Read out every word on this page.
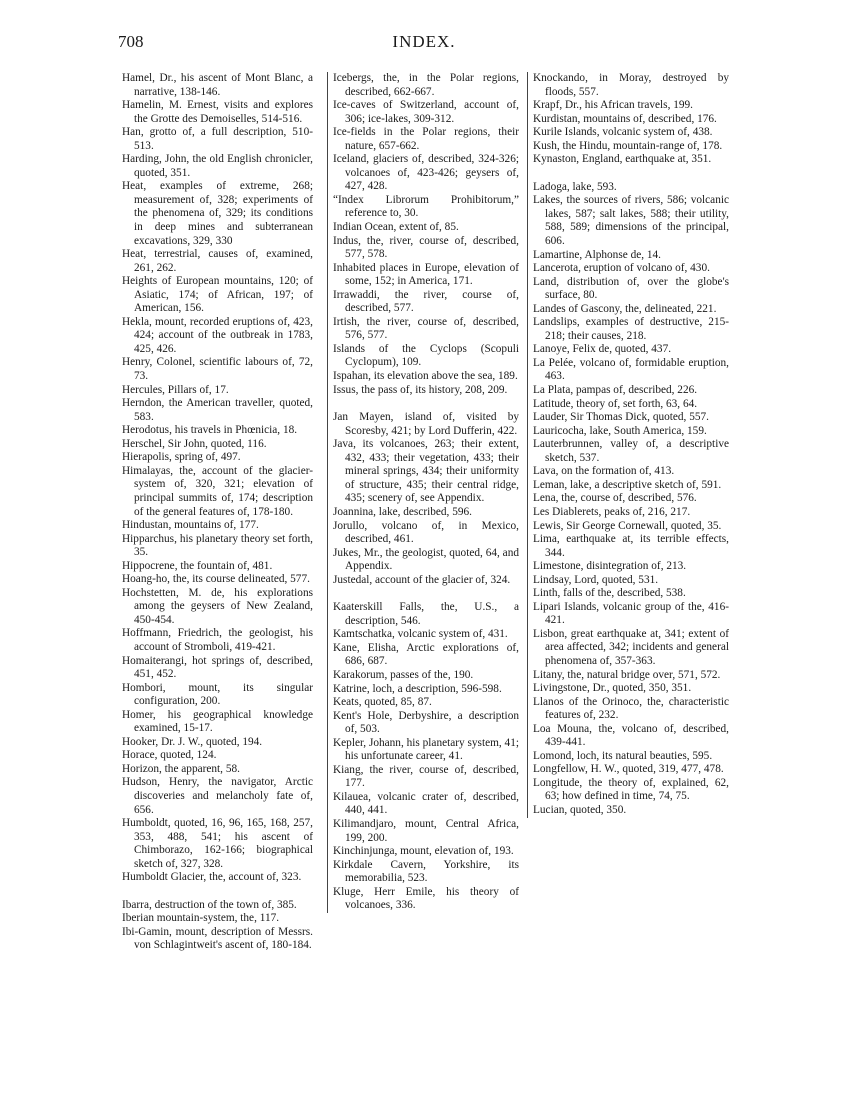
708	INDEX.

Hamel, Dr., his ascent of Mont Blanc, a narrative, 138-146.

Hamelin, M. Ernest, visits and explores the Grotte des Demoiselles, 514-516.

Han, grotto of, a full description, 510-513.

Harding, John, the old English chronicler, quoted, 351.

Heat, examples of extreme, 268; measurement of, 328; experiments of the phenomena of, 329; its conditions in deep mines and subterranean excavations, 329, 330

Heat, terrestrial, causes of, examined, 261, 262.

Heights of European mountains, 120; of Asiatic, 174; of African, 197; of American, 156.

Hekla, mount, recorded eruptions of, 423, 424; account of the outbreak in 1783, 425, 426.

Henry, Colonel, scientific labours of, 72, 73.

Hercules, Pillars of, 17.

Herndon, the American traveller, quoted, 583.

Herodotus, his travels in Phœnicia, 18.

Herschel, Sir John, quoted, 116.

Hierapolis, spring of, 497.

Himalayas, the, account of the glacier-system of, 320, 321; elevation of principal summits of, 174; description of the general features of, 178-180.

Hindustan, mountains of, 177.

Hipparchus, his planetary theory set forth, 35.

Hippocrene, the fountain of, 481.

Hoang-ho, the, its course delineated, 577.

Hochstetten, M. de, his explorations among the geysers of New Zealand, 450-454.

Hoffmann, Friedrich, the geologist, his account of Stromboli, 419-421.

Homaiterangi, hot springs of, described, 451, 452.

Hombori, mount, its singular configuration, 200.

Homer, his geographical knowledge examined, 15-17.

Hooker, Dr. J. W., quoted, 194.

Horace, quoted, 124.

Horizon, the apparent, 58.

Hudson, Henry, the navigator, Arctic discoveries and melancholy fate of, 656.

Humboldt, quoted, 16, 96, 165, 168, 257, 353, 488, 541; his ascent of Chimborazo, 162-166; biographical sketch of, 327, 328.

Humboldt Glacier, the, account of, 323.

Ibarra, destruction of the town of, 385.

Iberian mountain-system, the, 117.

Ibi-Gamin, mount, description of Messrs. von Schlagintweit's ascent of, 180-184.

Icebergs, the, in the Polar regions, described, 662-667.

Ice-caves of Switzerland, account of, 306; ice-lakes, 309-312.

Ice-fields in the Polar regions, their nature, 657-662.

Iceland, glaciers of, described, 324-326; volcanoes of, 423-426; geysers of, 427, 428.

“Index Librorum Prohibitorum,” reference to, 30.

Indian Ocean, extent of, 85.

Indus, the, river, course of, described, 577, 578.

Inhabited places in Europe, elevation of some, 152; in America, 171.

Irrawaddi, the river, course of, described, 577.

Irtish, the river, course of, described, 576, 577.

Islands of the Cyclops (Scopuli Cyclopum), 109.

Ispahan, its elevation above the sea, 189.

Issus, the pass of, its history, 208, 209.

Jan Mayen, island of, visited by Scoresby, 421; by Lord Dufferin, 422.

Java, its volcanoes, 263; their extent, 432, 433; their vegetation, 433; their mineral springs, 434; their uniformity of structure, 435; their central ridge, 435; scenery of, see Appendix.

Joannina, lake, described, 596.

Jorullo, volcano of, in Mexico, described, 461.

Jukes, Mr., the geologist, quoted, 64, and Appendix.

Justedal, account of the glacier of, 324.

Kaaterskill Falls, the, U.S., a description, 546.

Kamtschatka, volcanic system of, 431.

Kane, Elisha, Arctic explorations of, 686, 687.

Karakorum, passes of the, 190.

Katrine, loch, a description, 596-598.

Keats, quoted, 85, 87.

Kent's Hole, Derbyshire, a description of, 503.

Kepler, Johann, his planetary system, 41; his unfortunate career, 41.

Kiang, the river, course of, described, 177.

Kilauea, volcanic crater of, described, 440, 441.

Kilimandjaro, mount, Central Africa, 199, 200.

Kinchinjunga, mount, elevation of, 193.

Kirkdale Cavern, Yorkshire, its memorabilia, 523.

Kluge, Herr Emile, his theory of volcanoes, 336.

Knockando, in Moray, destroyed by floods, 557.

Krapf, Dr., his African travels, 199.

Kurdistan, mountains of, described, 176.

Kurile Islands, volcanic system of, 438.

Kush, the Hindu, mountain-range of, 178.

Kynaston, England, earthquake at, 351.

Ladoga, lake, 593.

Lakes, the sources of rivers, 586; volcanic lakes, 587; salt lakes, 588; their utility, 588, 589; dimensions of the principal, 606.

Lamartine, Alphonse de, 14.

Lancerota, eruption of volcano of, 430.

Land, distribution of, over the globe's surface, 80.

Landes of Gascony, the, delineated, 221.

Landslips, examples of destructive, 215-218; their causes, 218.

Lanoye, Felix de, quoted, 437.

La Pelée, volcano of, formidable eruption, 463.

La Plata, pampas of, described, 226.

Latitude, theory of, set forth, 63, 64.

Lauder, Sir Thomas Dick, quoted, 557.

Lauricocha, lake, South America, 159.

Lauterbrunnen, valley of, a descriptive sketch, 537.

Lava, on the formation of, 413.

Leman, lake, a descriptive sketch of, 591.

Lena, the, course of, described, 576.

Les Diablerets, peaks of, 216, 217.

Lewis, Sir George Cornewall, quoted, 35.

Lima, earthquake at, its terrible effects, 344.

Limestone, disintegration of, 213.

Lindsay, Lord, quoted, 531.

Linth, falls of the, described, 538.

Lipari Islands, volcanic group of the, 416-421.

Lisbon, great earthquake at, 341; extent of area affected, 342; incidents and general phenomena of, 357-363.

Litany, the, natural bridge over, 571, 572.

Livingstone, Dr., quoted, 350, 351.

Llanos of the Orinoco, the, characteristic features of, 232.

Loa Mouna, the, volcano of, described, 439-441.

Lomond, loch, its natural beauties, 595.

Longfellow, H. W., quoted, 319, 477, 478.

Longitude, the theory of, explained, 62, 63; how defined in time, 74, 75.

Lucian, quoted, 350.
